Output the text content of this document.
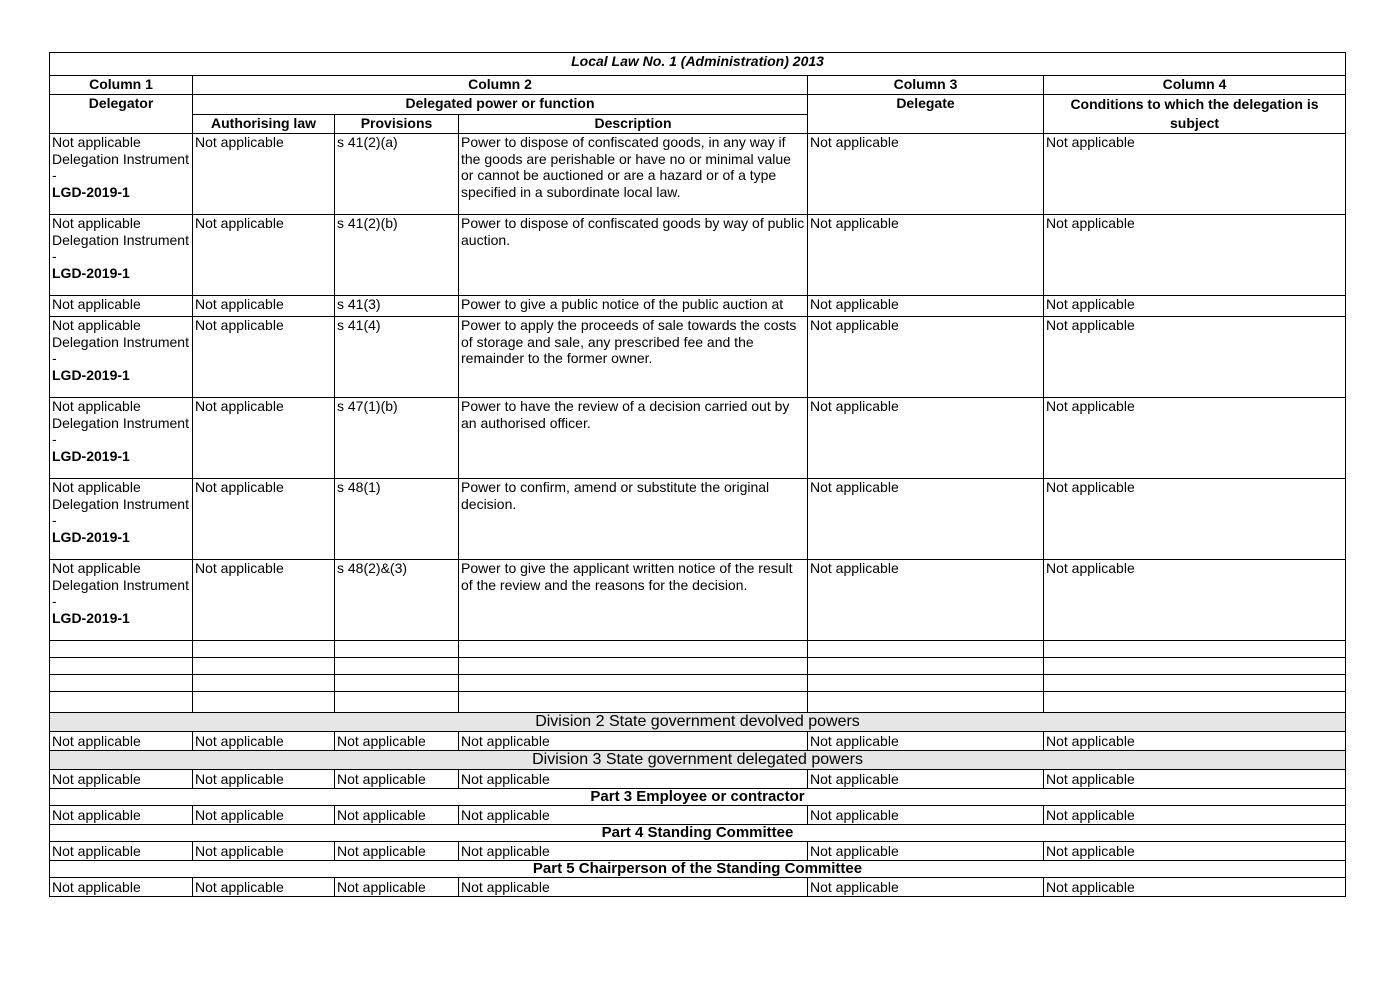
Local Law No. 1 (Administration) 2013					
Column 1	Column 2			Column 3	Column 4
Delegator	Delegated power or function			Delegate	Conditions to which the delegation is subject
	Authorising law	Provisions	Description		
Not applicable
Delegation Instrument -
LGD-2019-1	Not applicable	s 41(2)(a)	Power to dispose of confiscated goods, in any way if the goods are perishable or have no or minimal value or cannot be auctioned or are a hazard or of a type specified in a subordinate local law.	Not applicable	Not applicable
Not applicable
Delegation Instrument -
LGD-2019-1	Not applicable	s 41(2)(b)	Power to dispose of confiscated goods by way of public auction.	Not applicable	Not applicable

Not applicable	Not applicable	s 41(3)	Power to give a public notice of the public auction at	Not applicable	Not applicable

Not applicable
Delegation Instrument -
LGD-2019-1	Not applicable	s 41(4)	Power to apply the proceeds of sale towards the costs of storage and sale, any prescribed fee and the remainder to the former owner.	Not applicable	Not applicable
Not applicable
Delegation Instrument -
LGD-2019-1	Not applicable	s 47(1)(b)	Power to have the review of a decision carried out by an authorised officer.	Not applicable	Not applicable
Not applicable
Delegation Instrument -
LGD-2019-1	Not applicable	s 48(1)	Power to confirm, amend or substitute the original decision.	Not applicable	Not applicable
Not applicable
Delegation Instrument -
LGD-2019-1	Not applicable	s 48(2)&(3)	Power to give the applicant written notice of the result of the review and the reasons for the decision.	Not applicable	Not applicable

Division 2 State government devolved powers					
Not applicable	Not applicable	Not applicable	Not applicable	Not applicable	Not applicable
Division 3 State government delegated powers					
Not applicable	Not applicable	Not applicable	Not applicable	Not applicable	Not applicable
Part 3 Employee or contractor					
Not applicable	Not applicable	Not applicable	Not applicable	Not applicable	Not applicable
Part 4 Standing Committee					
Not applicable	Not applicable	Not applicable	Not applicable	Not applicable	Not applicable
Part 5 Chairperson of the Standing Committee					
Not applicable	Not applicable	Not applicable	Not applicable	Not applicable	Not applicable
